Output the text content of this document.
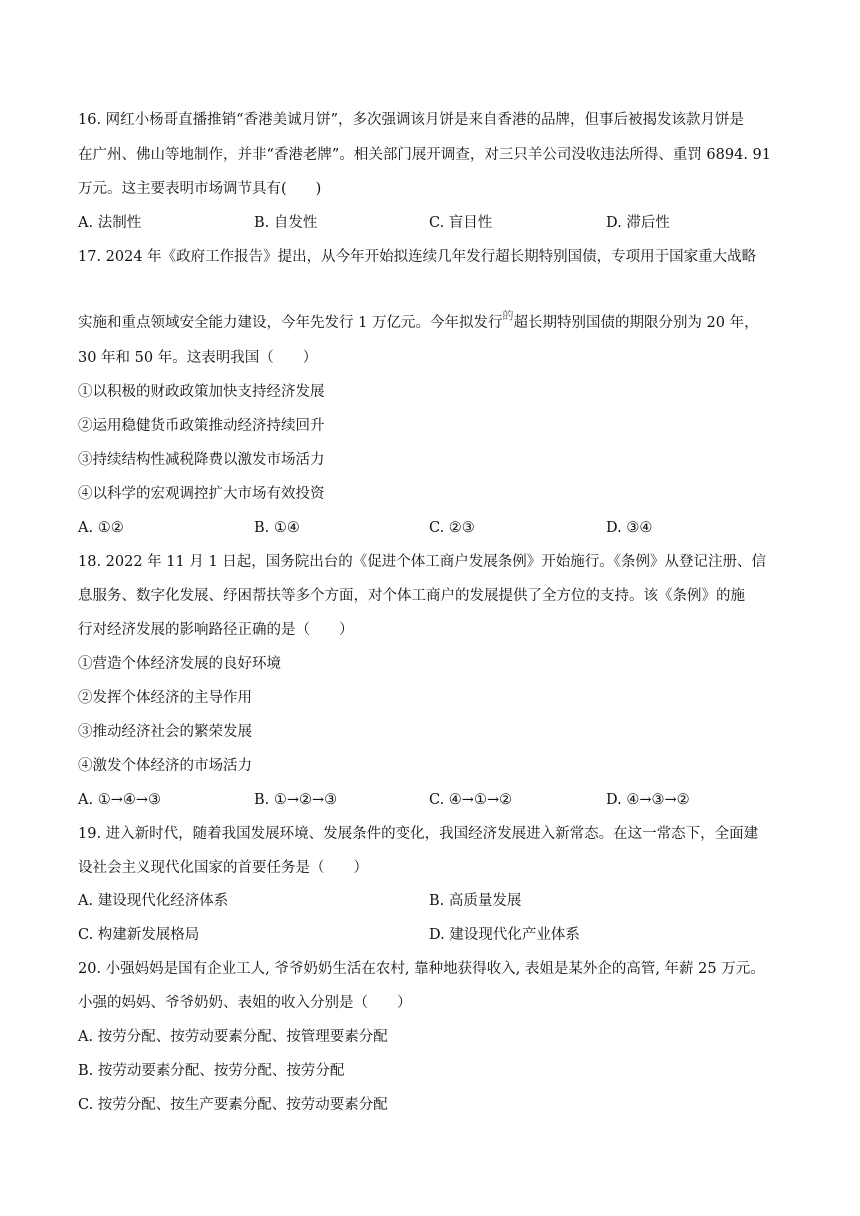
16. 网红小杨哥直播推销“香港美诚月饼”，多次强调该月饼是来自香港的品牌，但事后被揭发该款月饼是
在广州、佛山等地制作，并非“香港老牌”。相关部门展开调查，对三只羊公司没收违法所得、重罚 6894. 91
万元。这主要表明市场调节具有(　　)
A. 法制性	B. 自发性	C. 盲目性	D. 滞后性
17. 2024 年《政府工作报告》提出，从今年开始拟连续几年发行超长期特别国债，专项用于国家重大战略
实施和重点领域安全能力建设，今年先发行 1 万亿元。今年拟发行$^的$超长期特别国债的期限分别为 20 年，
30 年和 50 年。这表明我国（　　）
①以积极的财政政策加快支持经济发展
②运用稳健货币政策推动经济持续回升
③持续结构性减税降费以激发市场活力
④以科学的宏观调控扩大市场有效投资
A. ①②	B. ①④	C. ②③	D. ③④
18. 2022 年 11 月 1 日起，国务院出台的《促进个体工商户发展条例》开始施行。《条例》从登记注册、信
息服务、数字化发展、纾困帮扶等多个方面，对个体工商户的发展提供了全方位的支持。该《条例》的施
行对经济发展的影响路径正确的是（　　）
①营造个体经济发展的良好环境
②发挥个体经济的主导作用
③推动经济社会的繁荣发展
④激发个体经济的市场活力
A. ①→④→③	B. ①→②→③	C. ④→①→②	D. ④→③→②
19. 进入新时代，随着我国发展环境、发展条件的变化，我国经济发展进入新常态。在这一常态下，全面建
设社会主义现代化国家的首要任务是（　　）
A. 建设现代化经济体系	B. 高质量发展
C. 构建新发展格局	D. 建设现代化产业体系
20. 小强妈妈是国有企业工人, 爷爷奶奶生活在农村, 靠种地获得收入, 表姐是某外企的高管, 年薪 25 万元。
小强的妈妈、爷爷奶奶、表姐的收入分别是（　　）
A. 按劳分配、按劳动要素分配、按管理要素分配
B. 按劳动要素分配、按劳分配、按劳分配
C. 按劳分配、按生产要素分配、按劳动要素分配
